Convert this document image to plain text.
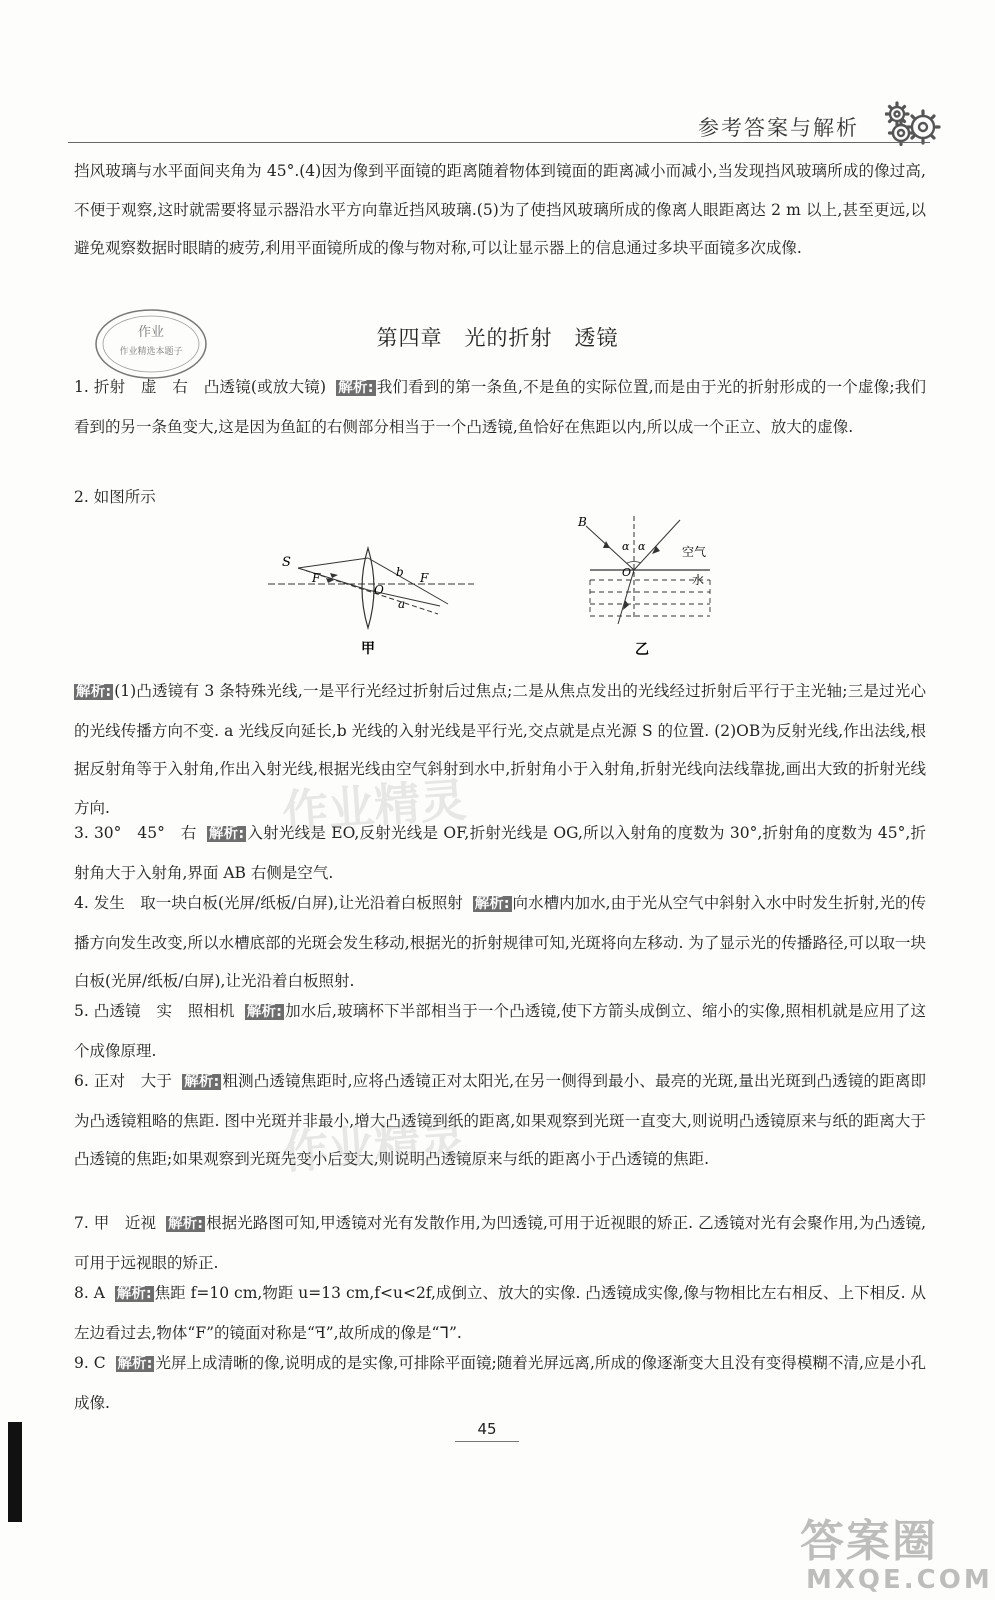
参考答案与解析
挡风玻璃与水平面间夹角为 45°.(4)因为像到平面镜的距离随着物体到镜面的距离减小而减小,当发现挡风玻璃所成的像过高,不便于观察,这时就需要将显示器沿水平方向靠近挡风玻璃.(5)为了使挡风玻璃所成的像离人眼距离达 2 m 以上,甚至更远,以避免观察数据时眼睛的疲劳,利用平面镜所成的像与物对称,可以让显示器上的信息通过多块平面镜多次成像.
作业
作业精选本题子
第四章　光的折射　透镜
1. 折射　虚　右　凸透镜(或放大镜) 解析: 我们看到的第一条鱼,不是鱼的实际位置,而是由于光的折射形成的一个虚像;我们看到的另一条鱼变大,这是因为鱼缸的右侧部分相当于一个凸透镜,鱼恰好在焦距以内,所以成一个正立、放大的虚像.
2. 如图所示
S
F
O
b F
a
甲
B
α α	空气
O
水
乙
解析: (1)凸透镜有 3 条特殊光线,一是平行光经过折射后过焦点;二是从焦点发出的光线经过折射后平行于主光轴;三是过光心的光线传播方向不变. a 光线反向延长,b 光线的入射光线是平行光,交点就是点光源 S 的位置. (2)OB为反射光线,作出法线,根据反射角等于入射角,作出入射光线,根据光线由空气斜射到水中,折射角小于入射角,折射光线向法线靠拢,画出大致的折射光线方向.
3. 30°　45°　右 解析: 入射光线是 EO,反射光线是 OF,折射光线是 OG,所以入射角的度数为 30°,折射角的度数为 45°,折射角大于入射角,界面 AB 右侧是空气.
4. 发生　取一块白板(光屏/纸板/白屏),让光沿着白板照射 解析: 向水槽内加水,由于光从空气中斜射入水中时发生折射,光的传播方向发生改变,所以水槽底部的光斑会发生移动,根据光的折射规律可知,光斑将向左移动. 为了显示光的传播路径,可以取一块白板(光屏/纸板/白屏),让光沿着白板照射.
5. 凸透镜　实　照相机 解析: 加水后,玻璃杯下半部相当于一个凸透镜,使下方箭头成倒立、缩小的实像,照相机就是应用了这个成像原理.
6. 正对　大于 解析: 粗测凸透镜焦距时,应将凸透镜正对太阳光,在另一侧得到最小、最亮的光斑,量出光斑到凸透镜的距离即为凸透镜粗略的焦距. 图中光斑并非最小,增大凸透镜到纸的距离,如果观察到光斑一直变大,则说明凸透镜原来与纸的距离大于凸透镜的焦距;如果观察到光斑先变小后变大,则说明凸透镜原来与纸的距离小于凸透镜的焦距.
7. 甲　近视 解析: 根据光路图可知,甲透镜对光有发散作用,为凹透镜,可用于近视眼的矫正. 乙透镜对光有会聚作用,为凸透镜,可用于远视眼的矫正.
8. A 解析: 焦距 f=10 cm,物距 u=13 cm,f<u<2f,成倒立、放大的实像. 凸透镜成实像,像与物相比左右相反、上下相反. 从左边看过去,物体“F”的镜面对称是“ꟻ”,故所成的像是“ᒣ”.
9. C 解析: 光屏上成清晰的像,说明成的是实像,可排除平面镜;随着光屏远离,所成的像逐渐变大且没有变得模糊不清,应是小孔成像.
作业精灵
作业精灵
45
答案圈
MXQE.COM
